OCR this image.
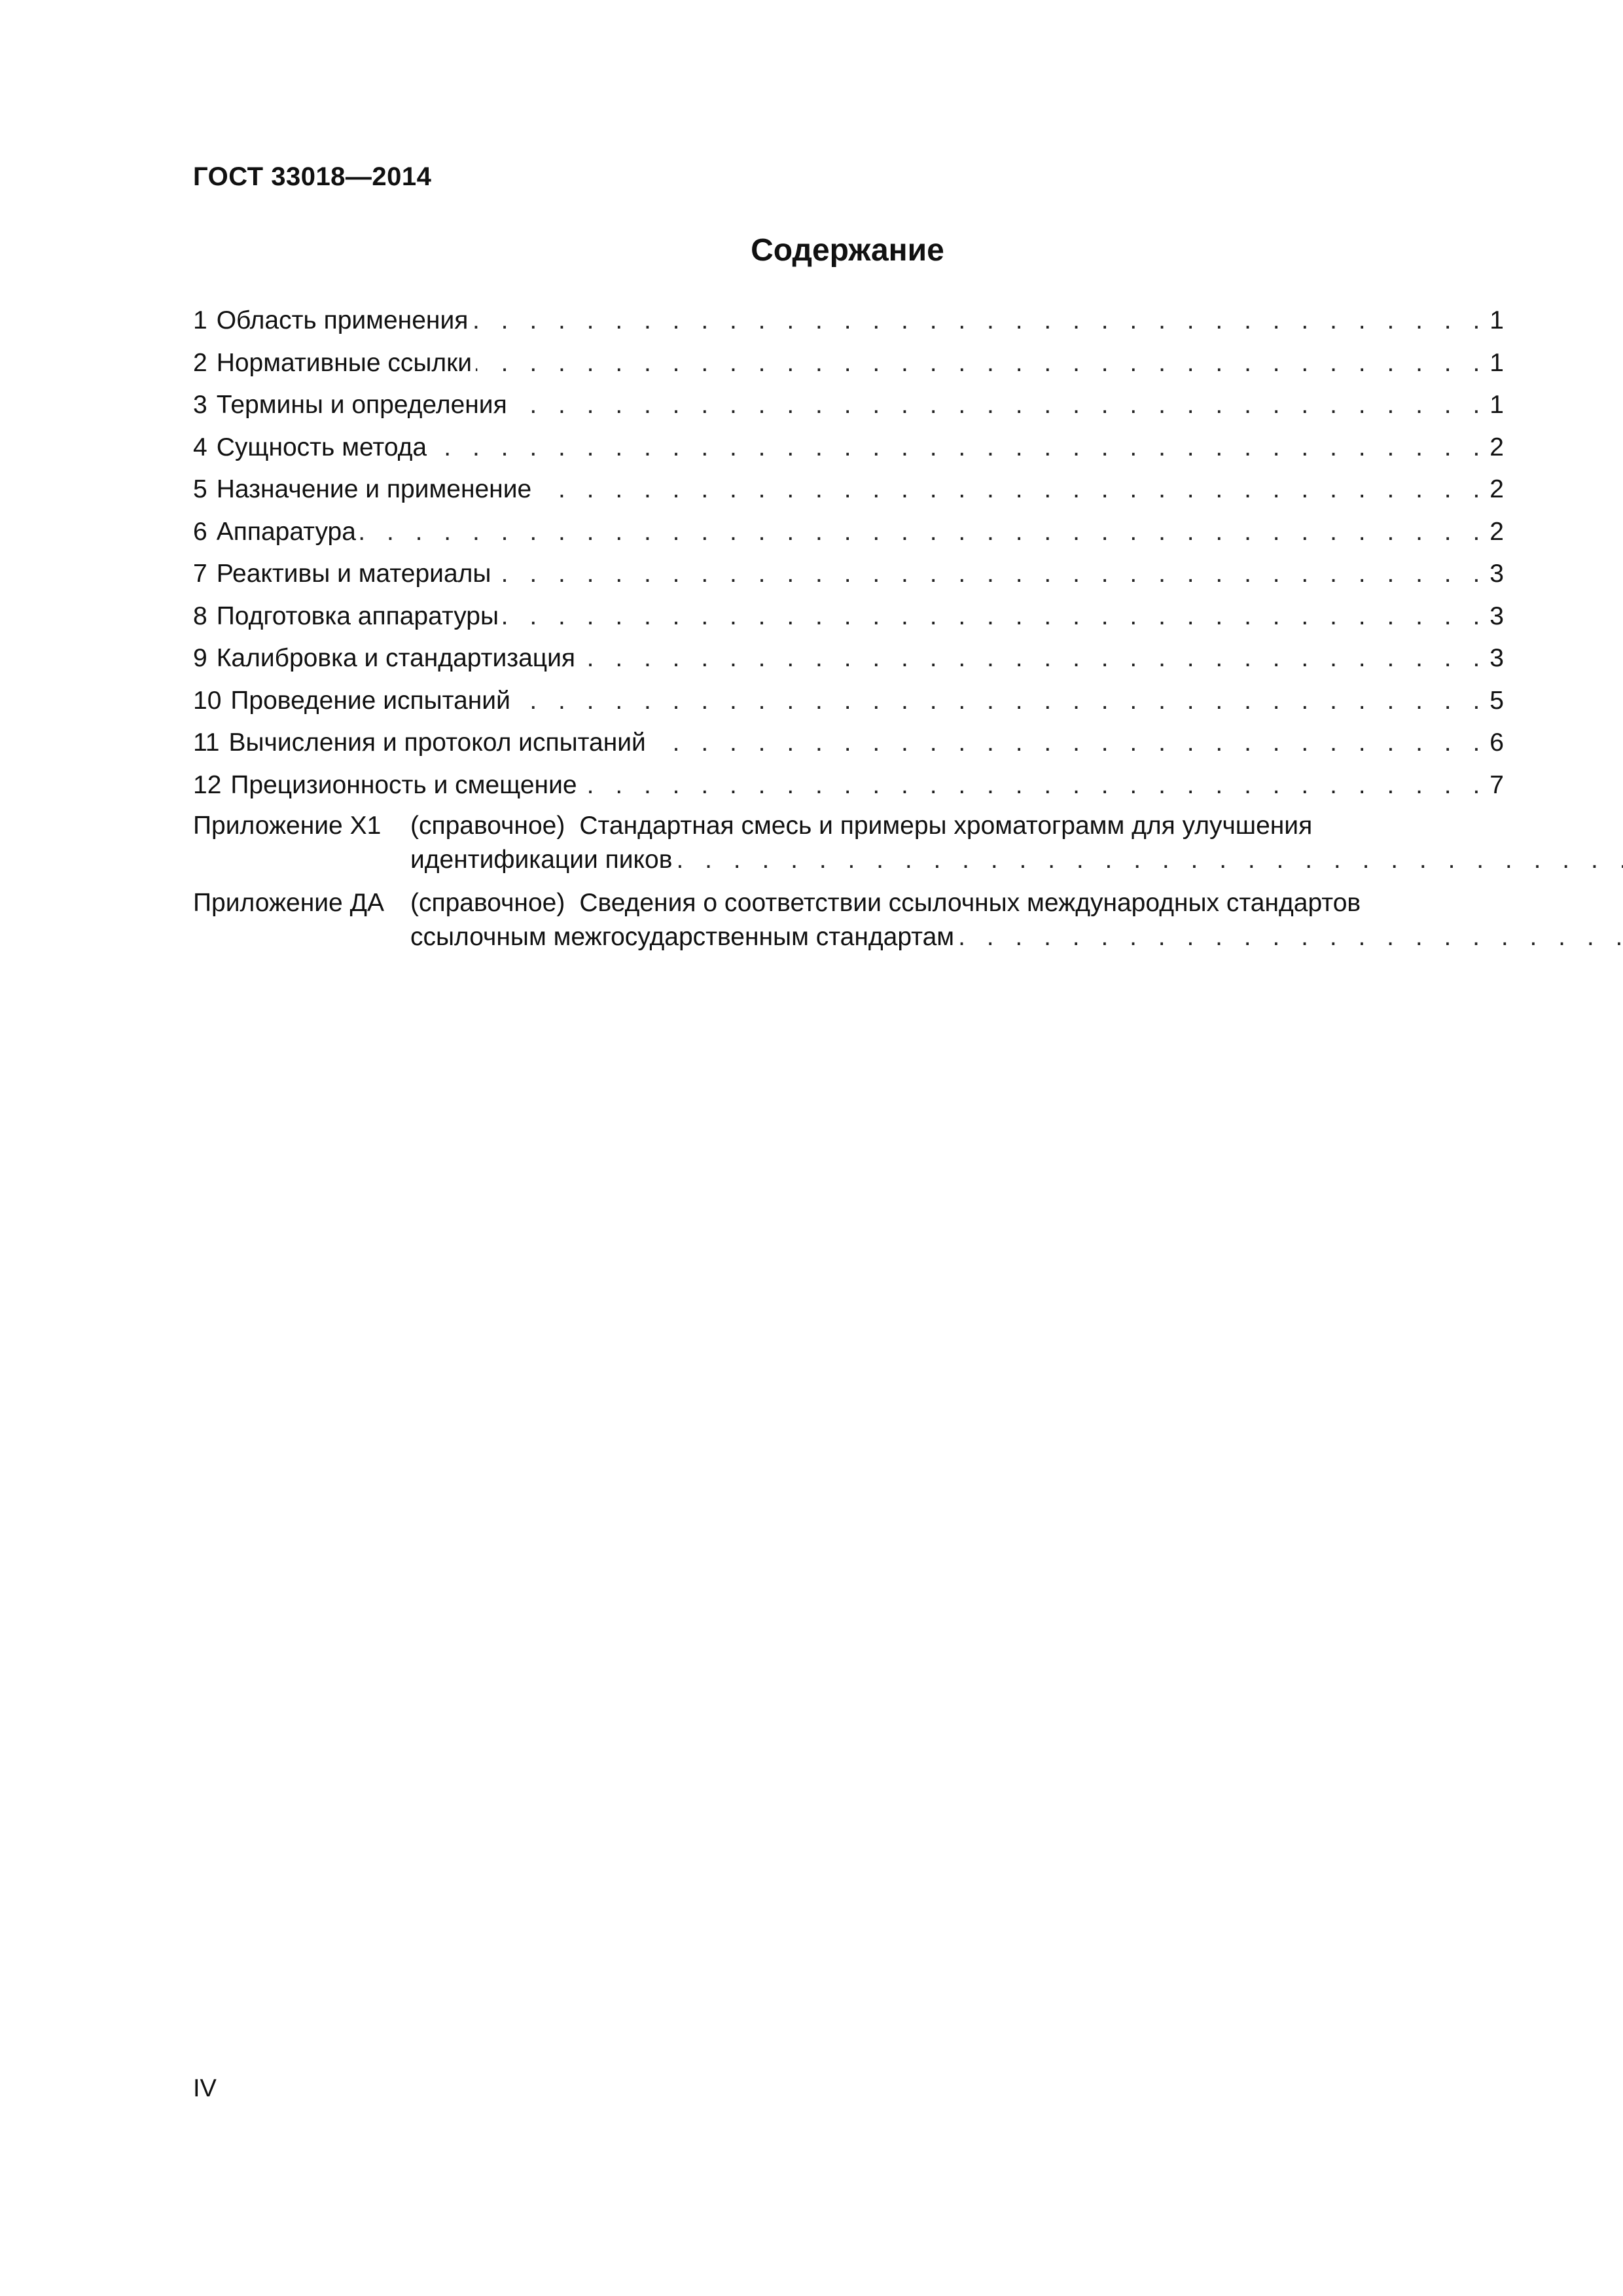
ГОСТ 33018—2014
Содержание
1 Область применения . . .	1
2 Нормативные ссылки . . .	1
3 Термины и определения . . .	1
4 Сущность метода . . .	2
5 Назначение и применение . . .	2
6 Аппаратура . . .	2
7 Реактивы и материалы . . .	3
8 Подготовка аппаратуры . . .	3
9 Калибровка и стандартизация . . .	3
10 Проведение испытаний . . .	5
11 Вычисления и протокол испытаний . . .	6
12 Прецизионность и смещение . . .	7
Приложение Х1	(справочное) Стандартная смесь и примеры хроматограмм для улучшения
идентификации пиков
. . .
Приложение ДА	(справочное) Сведения о соответствии ссылочных международных стандартов
ссылочным межгосударственным стандартам
. . .
IV
